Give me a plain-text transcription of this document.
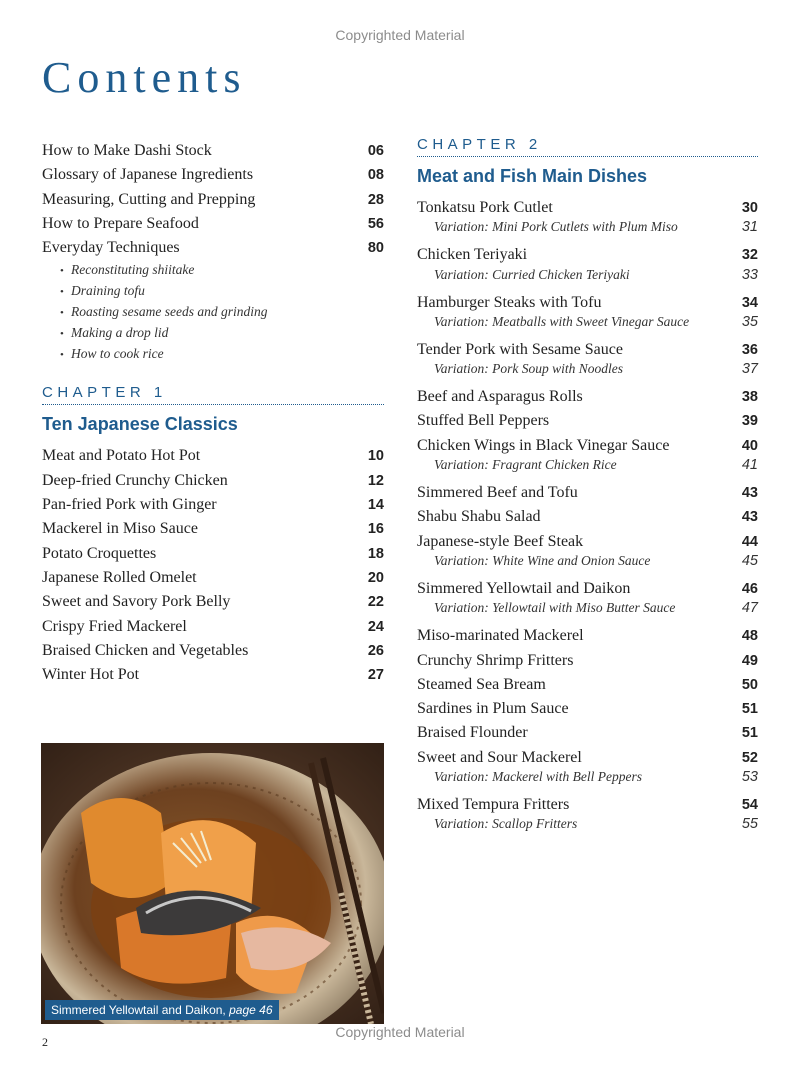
Copyrighted Material
Contents
How to Make Dashi Stock	06
Glossary of Japanese Ingredients	08
Measuring, Cutting and Prepping	28
How to Prepare Seafood	56
Everyday Techniques	80
• Reconstituting shiitake
• Draining tofu
• Roasting sesame seeds and grinding
• Making a drop lid
• How to cook rice
CHAPTER 1
Ten Japanese Classics
Meat and Potato Hot Pot	10
Deep-fried Crunchy Chicken	12
Pan-fried Pork with Ginger	14
Mackerel in Miso Sauce	16
Potato Croquettes	18
Japanese Rolled Omelet	20
Sweet and Savory Pork Belly	22
Crispy Fried Mackerel	24
Braised Chicken and Vegetables	26
Winter Hot Pot	27
CHAPTER 2
Meat and Fish Main Dishes
Tonkatsu Pork Cutlet	30
Variation: Mini Pork Cutlets with Plum Miso	31
Chicken Teriyaki	32
Variation: Curried Chicken Teriyaki	33
Hamburger Steaks with Tofu	34
Variation: Meatballs with Sweet Vinegar Sauce	35
Tender Pork with Sesame Sauce	36
Variation: Pork Soup with Noodles	37
Beef and Asparagus Rolls	38
Stuffed Bell Peppers	39
Chicken Wings in Black Vinegar Sauce	40
Variation: Fragrant Chicken Rice	41
Simmered Beef and Tofu	43
Shabu Shabu Salad	43
Japanese-style Beef Steak	44
Variation: White Wine and Onion Sauce	45
Simmered Yellowtail and Daikon	46
Variation: Yellowtail with Miso Butter Sauce	47
Miso-marinated Mackerel	48
Crunchy Shrimp Fritters	49
Steamed Sea Bream	50
Sardines in Plum Sauce	51
Braised Flounder	51
Sweet and Sour Mackerel	52
Variation: Mackerel with Bell Peppers	53
Mixed Tempura Fritters	54
Variation: Scallop Fritters	55
Simmered Yellowtail and Daikon, page 46
Copyrighted Material
2
